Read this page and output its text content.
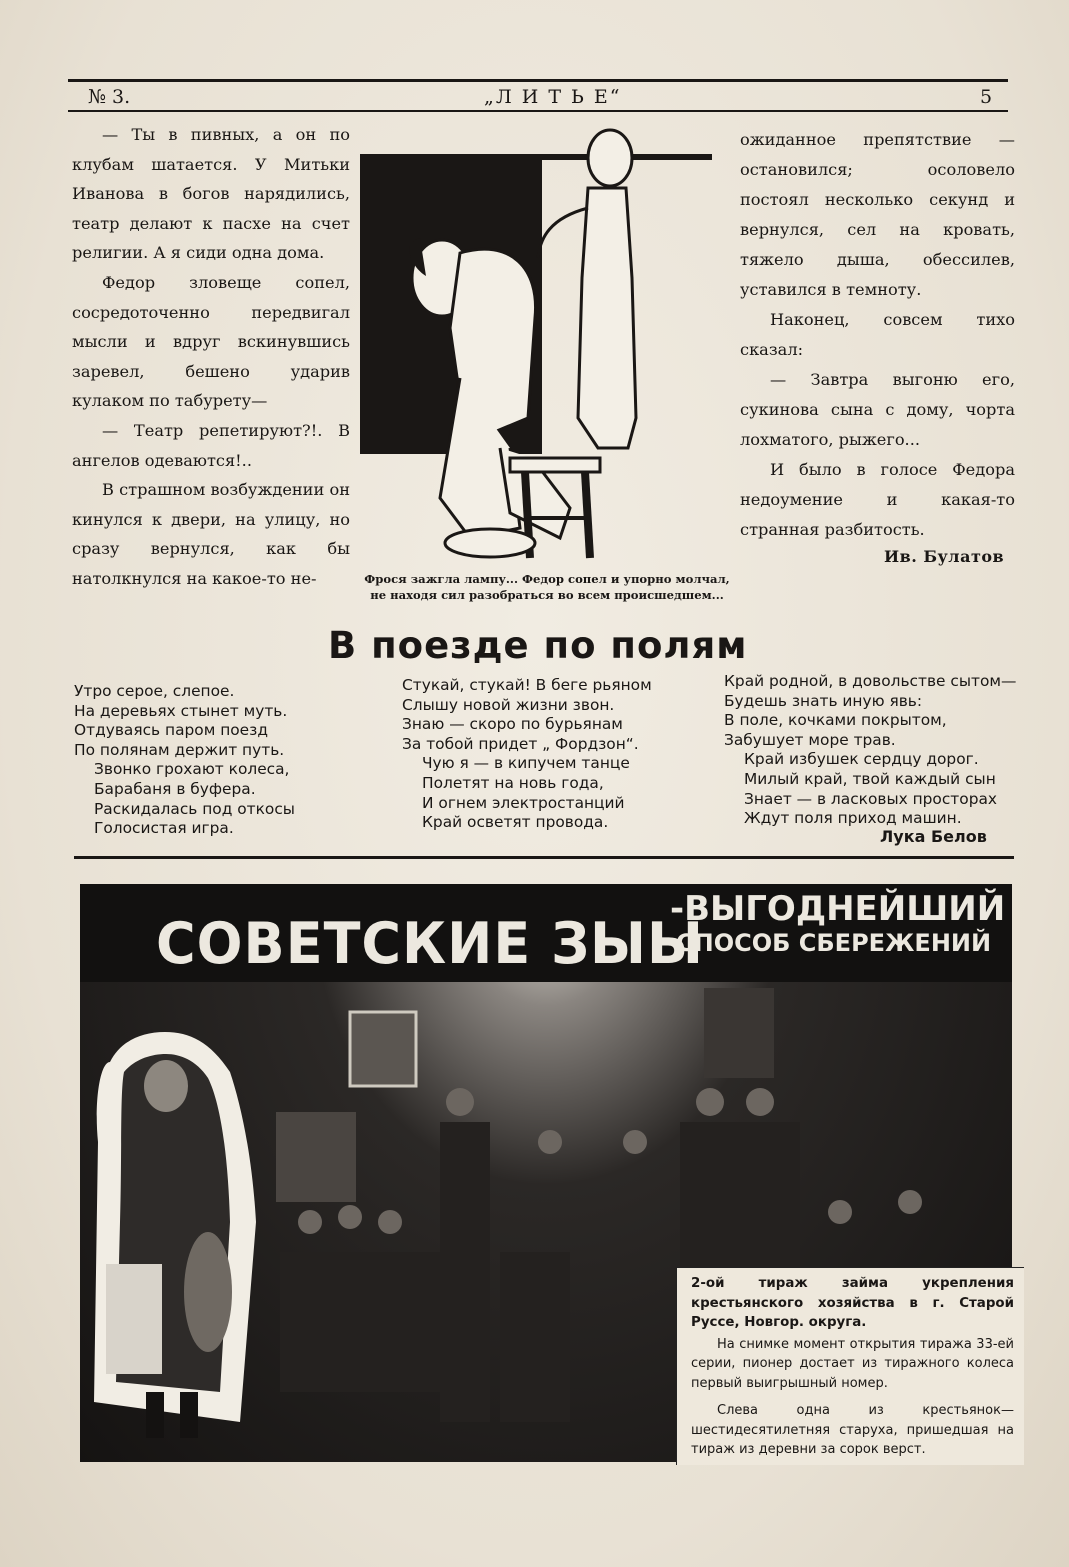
№ 3.	„Л И Т Ь Е“	5

— Ты в пивных, а он по клубам шатается. У Митьки Иванова в богов нарядились, театр делают к пасхе на счет религии. А я сиди одна дома.

Федор зловеще сопел, сосредоточенно передвигал мысли и вдруг вскинувшись заревел, бешено ударив кулаком по табурету—

— Театр репетируют?!. В ангелов одеваются!..

В страшном возбуждении он кинулся к двери, на улицу, но сразу вернулся, как бы натолкнулся на какое-то не-	Фрося зажгла лампу... Федор сопел и упорно молчал,
не находя сил разобраться во всем происшедшем...

ожиданное препятствие — остановился; осоловело постоял несколько секунд и вернулся, сел на кровать, тяжело дыша, обессилев, уставился в темноту.

Наконец, совсем тихо сказал:

— Завтра выгоню его, сукинова сына с дому, чорта лохматого, рыжего...

И было в голосе Федора недоумение и какая-то странная разбитость.

Ив. Булатов
В поезде по полям
Утро серое, слепое.
На деревьях стынет муть.
Отдуваясь паром поезд
По полянам держит путь.
Звонко грохают колеса,
Барабаня в буфера.
Раскидалась под откосы
Голосистая игра.
Стукай, стукай! В беге рьяном
Слышу новой жизни звон.
Знаю — скоро по бурьянам
За тобой придет „ Фордзон“.
Чую я — в кипучем танце
Полетят на новь года,
И огнем электростанций
Край осветят провода.
Край родной, в довольстве сытом—
Будешь знать иную явь:
В поле, кочками покрытом,
Забушует море трав.
Край избушек сердцу дорог.
Милый край, твой каждый сын
Знает — в ласковых просторах
Ждут поля приход машин.
Лука Белов
СОВЕТСКИЕ З ЫЫ
-ВЫГОДНЕЙШИЙ
СПОСОБ СБЕРЕЖЕНИЙ

2-ой тираж займа укрепления крестьянского хозяйства в г. Старой Руссе, Новгор. округа.

На снимке момент открытия тиража 33-ей серии, пионер достает из тиражного колеса первый выигрышный номер.

Слева одна из крестьянок—шестидесятилетняя старуха, пришедшая на тираж из деревни за сорок верст.
